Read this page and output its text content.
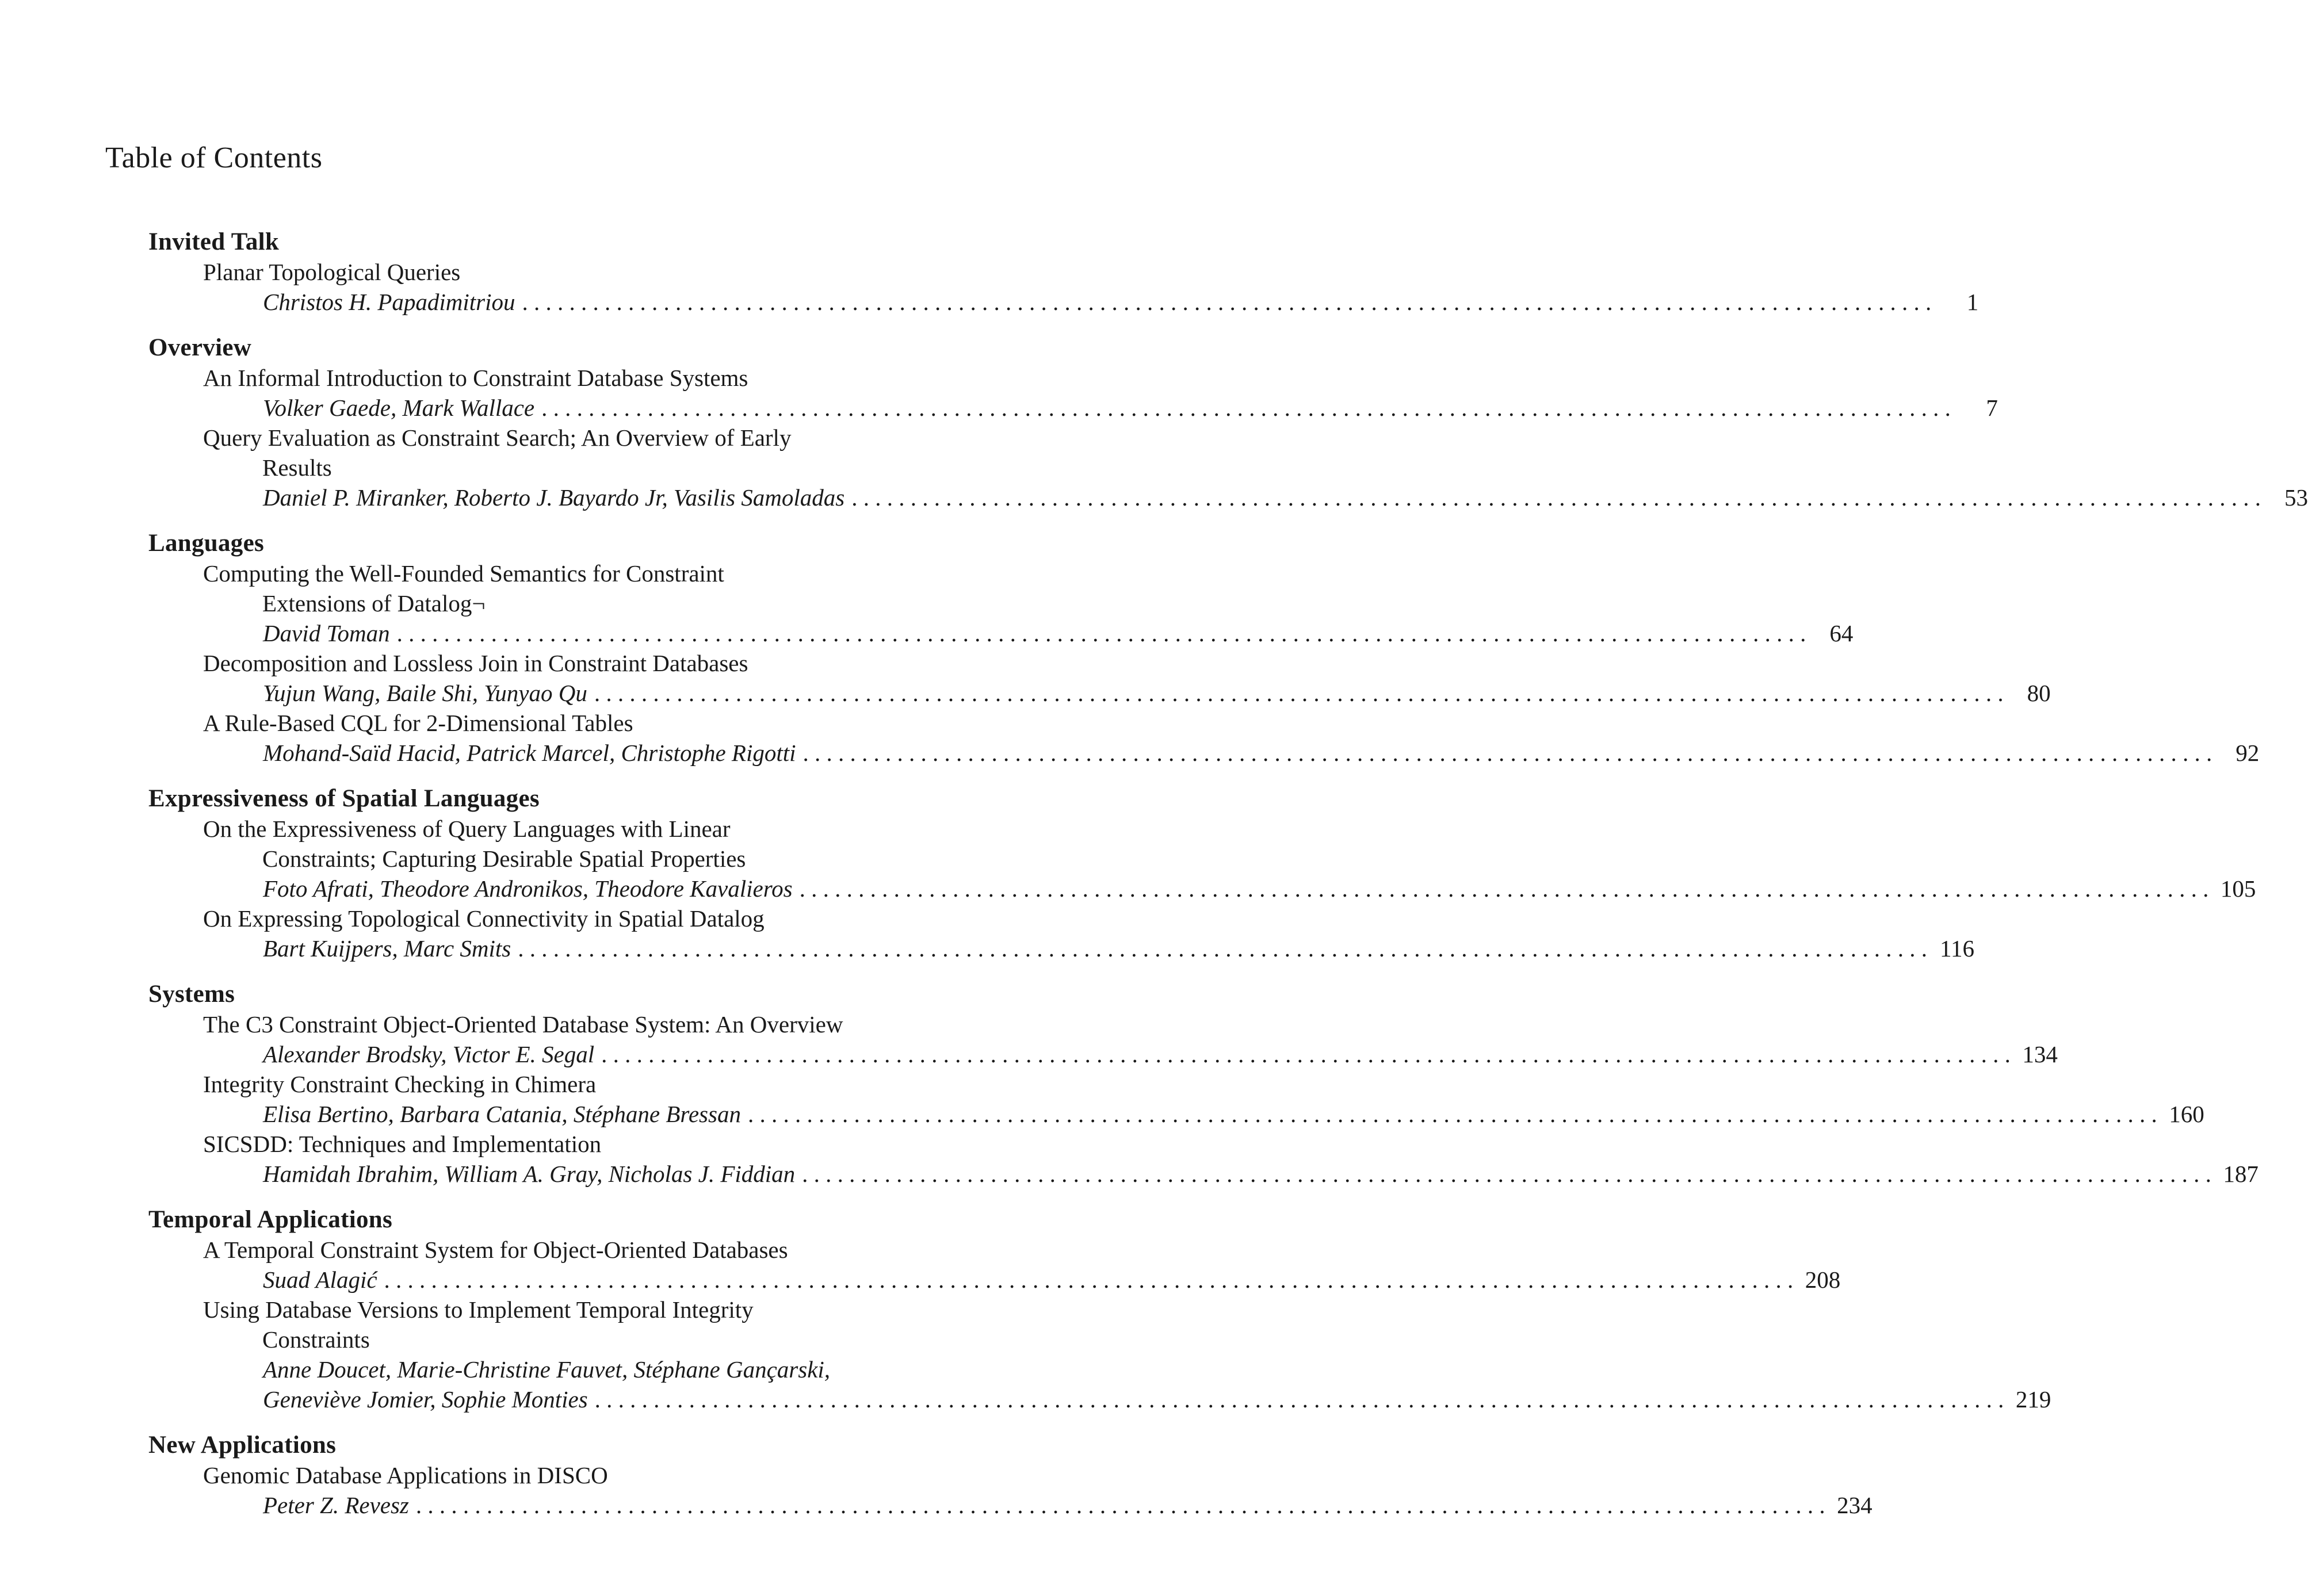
Table of Contents
Invited Talk
Planar Topological Queries
Christos H. Papadimitriou . . . . . . . . . . . . . . . . . . . . . . . . . . . . . . . . . . . . . . . . . . . . . . . . . . . . . . . . . . . . . . . . . . . . . . . . . . . . . . . . . . . . . . . . . . . . . . . . . . . . . . . . . . . . . . . . . . . . . . . .	1
Overview
An Informal Introduction to Constraint Database Systems
Volker Gaede, Mark Wallace . . . . . . . . . . . . . . . . . . . . . . . . . . . . . . . . . . . . . . . . . . . . . . . . . . . . . . . . . . . . . . . . . . . . . . . . . . . . . . . . . . . . . . . . . . . . . . . . . . . . . . . . . . . . . . . . . . . . . . . .	7
Query Evaluation as Constraint Search; An Overview of Early
Results
Daniel P. Miranker, Roberto J. Bayardo Jr, Vasilis Samoladas . . . . . . . . . . . . . . . . . . . . . . . . . . . . . . . . . . . . . . . . . . . . . . . . . . . . . . . . . . . . . . . . . . . . . . . . . . . . . . . . . . . . . . . . . . . . . . . . . . . . . . . . . . . . . . . . . . . . . . . .	53
Languages
Computing the Well-Founded Semantics for Constraint
Extensions of Datalog¬
David Toman . . . . . . . . . . . . . . . . . . . . . . . . . . . . . . . . . . . . . . . . . . . . . . . . . . . . . . . . . . . . . . . . . . . . . . . . . . . . . . . . . . . . . . . . . . . . . . . . . . . . . . . . . . . . . . . . . . . . . . . .	64
Decomposition and Lossless Join in Constraint Databases
Yujun Wang, Baile Shi, Yunyao Qu . . . . . . . . . . . . . . . . . . . . . . . . . . . . . . . . . . . . . . . . . . . . . . . . . . . . . . . . . . . . . . . . . . . . . . . . . . . . . . . . . . . . . . . . . . . . . . . . . . . . . . . . . . . . . . . . . . . . . . . .	80
A Rule-Based CQL for 2-Dimensional Tables
Mohand-Saïd Hacid, Patrick Marcel, Christophe Rigotti . . . . . . . . . . . . . . . . . . . . . . . . . . . . . . . . . . . . . . . . . . . . . . . . . . . . . . . . . . . . . . . . . . . . . . . . . . . . . . . . . . . . . . . . . . . . . . . . . . . . . . . . . . . . . . . . . . . . . . . .	92
Expressiveness of Spatial Languages
On the Expressiveness of Query Languages with Linear
Constraints; Capturing Desirable Spatial Properties
Foto Afrati, Theodore Andronikos, Theodore Kavalieros . . . . . . . . . . . . . . . . . . . . . . . . . . . . . . . . . . . . . . . . . . . . . . . . . . . . . . . . . . . . . . . . . . . . . . . . . . . . . . . . . . . . . . . . . . . . . . . . . . . . . . . . . . . . . . . . . . . . . . . . 105
On Expressing Topological Connectivity in Spatial Datalog
Bart Kuijpers, Marc Smits . . . . . . . . . . . . . . . . . . . . . . . . . . . . . . . . . . . . . . . . . . . . . . . . . . . . . . . . . . . . . . . . . . . . . . . . . . . . . . . . . . . . . . . . . . . . . . . . . . . . . . . . . . . . . . . . . . . . . . . . 116
Systems
The C3 Constraint Object-Oriented Database System: An Overview
Alexander Brodsky, Victor E. Segal . . . . . . . . . . . . . . . . . . . . . . . . . . . . . . . . . . . . . . . . . . . . . . . . . . . . . . . . . . . . . . . . . . . . . . . . . . . . . . . . . . . . . . . . . . . . . . . . . . . . . . . . . . . . . . . . . . . . . . . . 134
Integrity Constraint Checking in Chimera
Elisa Bertino, Barbara Catania, Stéphane Bressan . . . . . . . . . . . . . . . . . . . . . . . . . . . . . . . . . . . . . . . . . . . . . . . . . . . . . . . . . . . . . . . . . . . . . . . . . . . . . . . . . . . . . . . . . . . . . . . . . . . . . . . . . . . . . . . . . . . . . . . . 160
SICSDD: Techniques and Implementation
Hamidah Ibrahim, William A. Gray, Nicholas J. Fiddian . . . . . . . . . . . . . . . . . . . . . . . . . . . . . . . . . . . . . . . . . . . . . . . . . . . . . . . . . . . . . . . . . . . . . . . . . . . . . . . . . . . . . . . . . . . . . . . . . . . . . . . . . . . . . . . . . . . . . . . . 187
Temporal Applications
A Temporal Constraint System for Object-Oriented Databases
Suad Alagić . . . . . . . . . . . . . . . . . . . . . . . . . . . . . . . . . . . . . . . . . . . . . . . . . . . . . . . . . . . . . . . . . . . . . . . . . . . . . . . . . . . . . . . . . . . . . . . . . . . . . . . . . . . . . . . . . . . . . . . . 208
Using Database Versions to Implement Temporal Integrity
Constraints
Anne Doucet, Marie-Christine Fauvet, Stéphane Gançarski,
Geneviève Jomier, Sophie Monties . . . . . . . . . . . . . . . . . . . . . . . . . . . . . . . . . . . . . . . . . . . . . . . . . . . . . . . . . . . . . . . . . . . . . . . . . . . . . . . . . . . . . . . . . . . . . . . . . . . . . . . . . . . . . . . . . . . . . . . . 219
New Applications
Genomic Database Applications in DISCO
Peter Z. Revesz . . . . . . . . . . . . . . . . . . . . . . . . . . . . . . . . . . . . . . . . . . . . . . . . . . . . . . . . . . . . . . . . . . . . . . . . . . . . . . . . . . . . . . . . . . . . . . . . . . . . . . . . . . . . . . . . . . . . . . . . 234
